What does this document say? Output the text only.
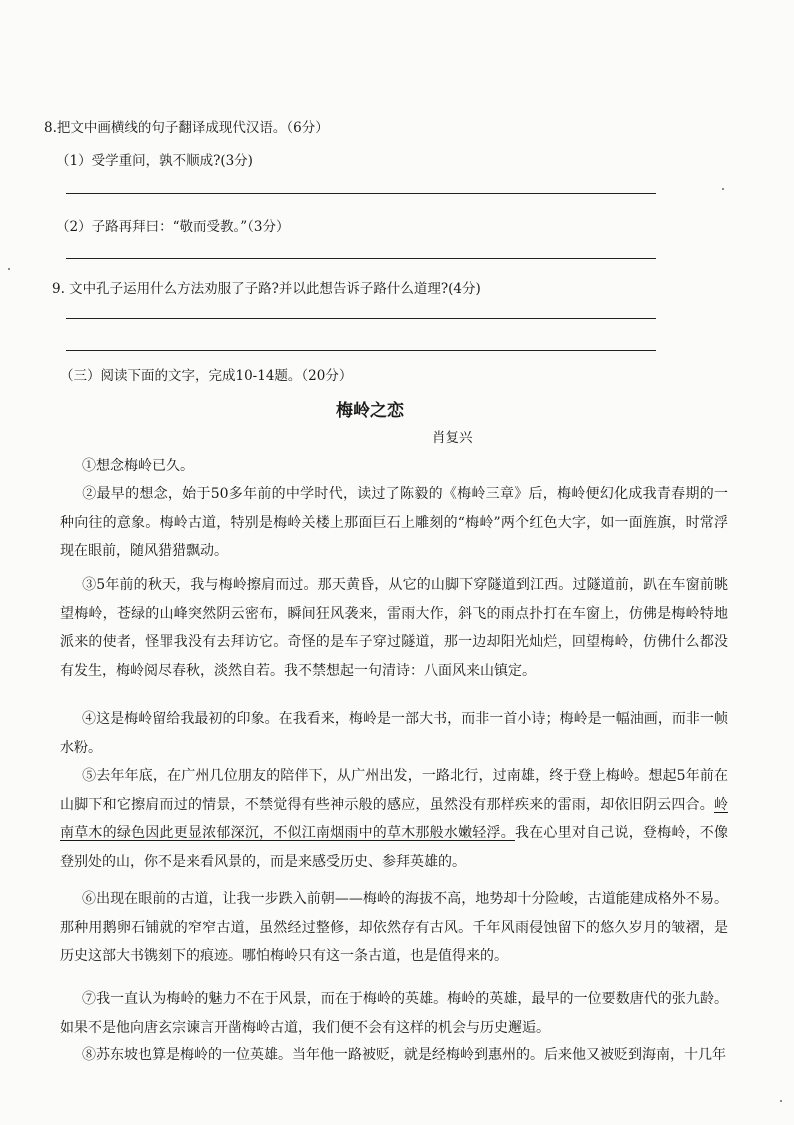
8.把文中画横线的句子翻译成现代汉语。（6分）
（1）受学重问，孰不顺成?(3分)
（2）子路再拜曰：“敬而受教。”（3分）
9. 文中孔子运用什么方法劝服了子路?并以此想告诉子路什么道理?(4分)
（三）阅读下面的文字，完成10-14题。（20分）
梅岭之恋
肖复兴
①想念梅岭已久。
②最早的想念，始于50多年前的中学时代，读过了陈毅的《梅岭三章》后，梅岭便幻化成我青春期的一种向往的意象。梅岭古道，特别是梅岭关楼上那面巨石上雕刻的“梅岭”两个红色大字，如一面旌旗，时常浮现在眼前，随风猎猎飘动。
③5年前的秋天，我与梅岭擦肩而过。那天黄昏，从它的山脚下穿隧道到江西。过隧道前，趴在车窗前眺望梅岭，苍绿的山峰突然阴云密布，瞬间狂风袭来，雷雨大作，斜飞的雨点扑打在车窗上，仿佛是梅岭特地派来的使者，怪罪我没有去拜访它。奇怪的是车子穿过隧道，那一边却阳光灿烂，回望梅岭，仿佛什么都没有发生，梅岭阅尽春秋，淡然自若。我不禁想起一句清诗：八面风来山镇定。
④这是梅岭留给我最初的印象。在我看来，梅岭是一部大书，而非一首小诗；梅岭是一幅油画，而非一帧水粉。
⑤去年年底，在广州几位朋友的陪伴下，从广州出发，一路北行，过南雄，终于登上梅岭。想起5年前在山脚下和它擦肩而过的情景，不禁觉得有些神示般的感应，虽然没有那样疾来的雷雨，却依旧阴云四合。岭南草木的绿色因此更显浓郁深沉，不似江南烟雨中的草木那般水嫩轻浮。我在心里对自己说，登梅岭，不像登别处的山，你不是来看风景的，而是来感受历史、参拜英雄的。
⑥出现在眼前的古道，让我一步跌入前朝——梅岭的海拔不高，地势却十分险峻，古道能建成格外不易。那种用鹅卵石铺就的窄窄古道，虽然经过整修，却依然存有古风。千年风雨侵蚀留下的悠久岁月的皱褶，是历史这部大书镌刻下的痕迹。哪怕梅岭只有这一条古道，也是值得来的。
⑦我一直认为梅岭的魅力不在于风景，而在于梅岭的英雄。梅岭的英雄，最早的一位要数唐代的张九龄。如果不是他向唐玄宗谏言开凿梅岭古道，我们便不会有这样的机会与历史邂逅。
⑧苏东坡也算是梅岭的一位英雄。当年他一路被贬，就是经梅岭到惠州的。后来他又被贬到海南，十几年
